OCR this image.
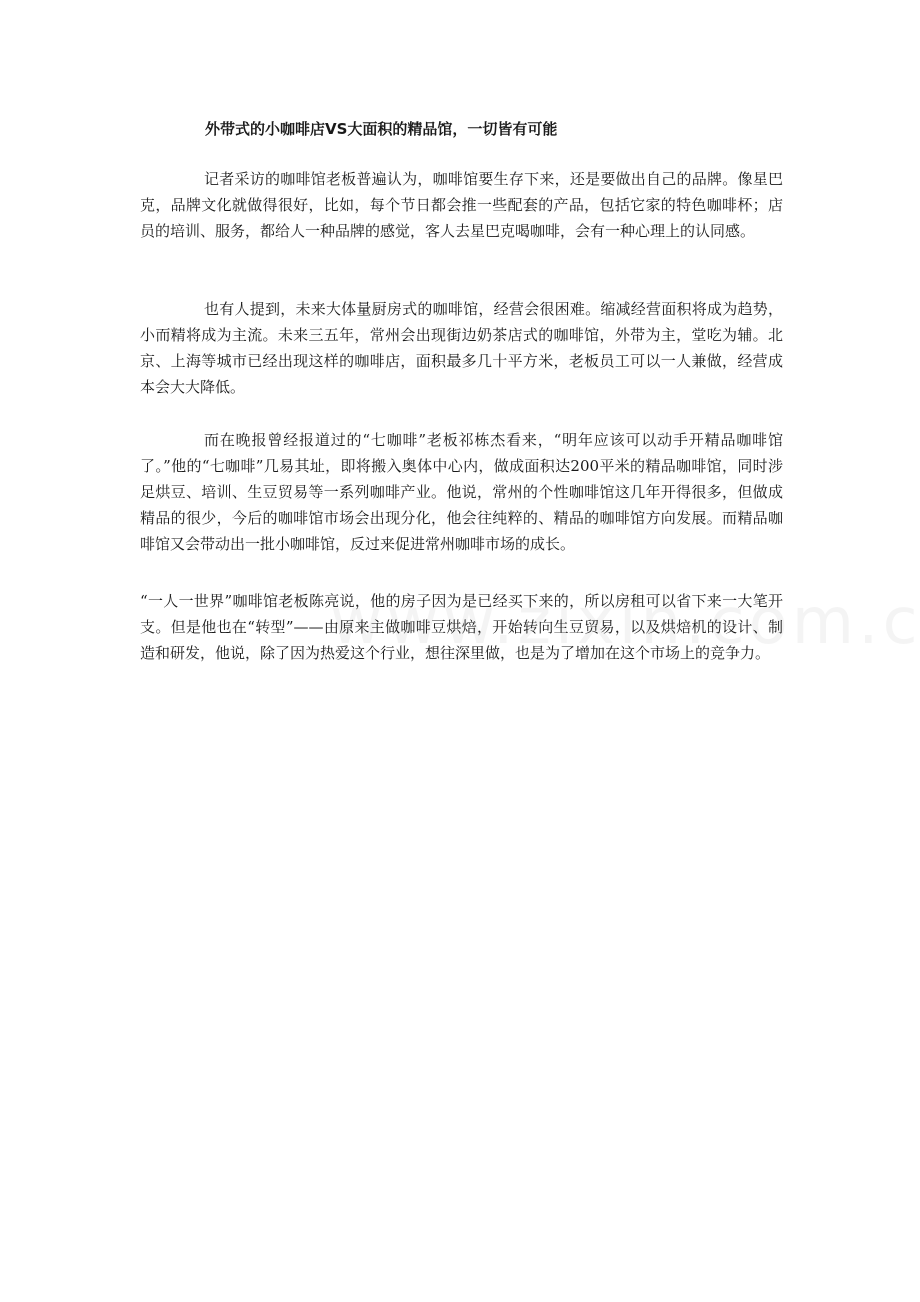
外带式的小咖啡店VS大面积的精品馆，一切皆有可能

记者采访的咖啡馆老板普遍认为，咖啡馆要生存下来，还是要做出自己的品牌。像星巴克，品牌文化就做得很好，比如，每个节日都会推一些配套的产品，包括它家的特色咖啡杯；店员的培训、服务，都给人一种品牌的感觉，客人去星巴克喝咖啡，会有一种心理上的认同感。

也有人提到，未来大体量厨房式的咖啡馆，经营会很困难。缩减经营面积将成为趋势，小而精将成为主流。未来三五年，常州会出现街边奶茶店式的咖啡馆，外带为主，堂吃为辅。北京、上海等城市已经出现这样的咖啡店，面积最多几十平方米，老板员工可以一人兼做，经营成本会大大降低。

而在晚报曾经报道过的“七咖啡”老板祁栋杰看来，“明年应该可以动手开精品咖啡馆了。”他的“七咖啡”几易其址，即将搬入奥体中心内，做成面积达200平米的精品咖啡馆，同时涉足烘豆、培训、生豆贸易等一系列咖啡产业。他说，常州的个性咖啡馆这几年开得很多，但做成精品的很少，今后的咖啡馆市场会出现分化，他会往纯粹的、精品的咖啡馆方向发展。而精品咖啡馆又会带动出一批小咖啡馆，反过来促进常州咖啡市场的成长。

“一人一世界”咖啡馆老板陈亮说，他的房子因为是已经买下来的，所以房租可以省下来一大笔开支。但是他也在“转型”——由原来主做咖啡豆烘焙，开始转向生豆贸易，以及烘焙机的设计、制造和研发，他说，除了因为热爱这个行业，想往深里做，也是为了增加在这个市场上的竞争力。
